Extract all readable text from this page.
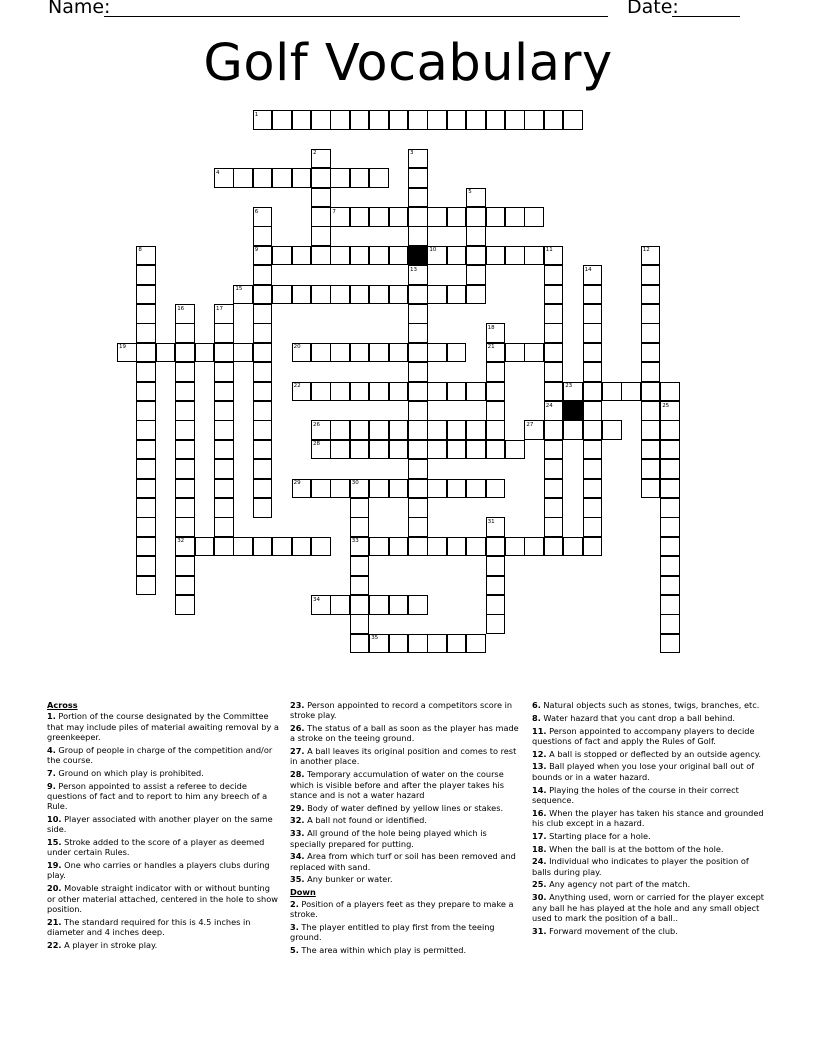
Name:	Date:
Golf Vocabulary
1
4
7
9	10
15
19	20	21
22	23
26	27
28
29
32	33
34
35
2	3
5
6
8	11	12
13	14
16	17
18
24	25
30
31
Across
1. Portion of the course designated by the Committee that may include piles of material awaiting removal by a greenkeeper.
4. Group of people in charge of the competition and/or the course.
7. Ground on which play is prohibited.
9. Person appointed to assist a referee to decide questions of fact and to report to him any breech of a Rule.
10. Player associated with another player on the same side.
15. Stroke added to the score of a player as deemed under certain Rules.
19. One who carries or handles a players clubs during play.
20. Movable straight indicator with or without bunting or other material attached, centered in the hole to show position.
21. The standard required for this is 4.5 inches in diameter and 4 inches deep.
22. A player in stroke play.
23. Person appointed to record a competitors score in stroke play.
26. The status of a ball as soon as the player has made a stroke on the teeing ground.
27. A ball leaves its original position and comes to rest in another place.
28. Temporary accumulation of water on the course which is visible before and after the player takes his stance and is not a water hazard
29. Body of water defined by yellow lines or stakes.
32. A ball not found or identified.
33. All ground of the hole being played which is specially prepared for putting.
34. Area from which turf or soil has been removed and replaced with sand.
35. Any bunker or water.
Down
2. Position of a players feet as they prepare to make a stroke.
3. The player entitled to play first from the teeing ground.
5. The area within which play is permitted.
6. Natural objects such as stones, twigs, branches, etc.
8. Water hazard that you cant drop a ball behind.
11. Person appointed to accompany players to decide questions of fact and apply the Rules of Golf.
12. A ball is stopped or deflected by an outside agency.
13. Ball played when you lose your original ball out of bounds or in a water hazard.
14. Playing the holes of the course in their correct sequence.
16. When the player has taken his stance and grounded his club except in a hazard.
17. Starting place for a hole.
18. When the ball is at the bottom of the hole.
24. Individual who indicates to player the position of balls during play.
25. Any agency not part of the match.
30. Anything used, worn or carried for the player except any ball he has played at the hole and any small object used to mark the position of a ball..
31. Forward movement of the club.
